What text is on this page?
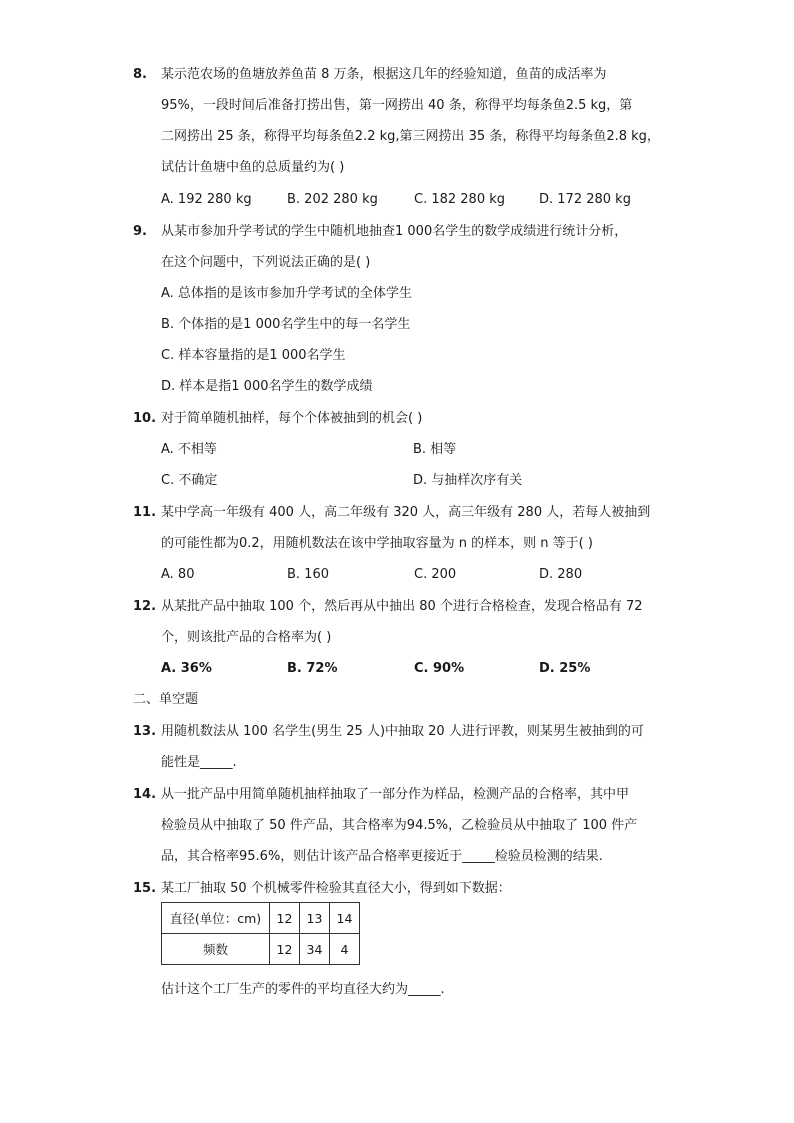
8. 某示范农场的鱼塘放养鱼苗 8 万条，根据这几年的经验知道，鱼苗的成活率为
95%，一段时间后准备打捞出售，第一网捞出 40 条，称得平均每条鱼2.5 kg，第
二网捞出 25 条，称得平均每条鱼2.2 kg,第三网捞出 35 条，称得平均每条鱼2.8 kg，
试估计鱼塘中鱼的总质量约为( )
A. 192 280 kg	B. 202 280 kg	C. 182 280 kg	D. 172 280 kg
9. 从某市参加升学考试的学生中随机地抽查1 000名学生的数学成绩进行统计分析，
在这个问题中，下列说法正确的是( )
A. 总体指的是该市参加升学考试的全体学生
B. 个体指的是1 000名学生中的每一名学生
C. 样本容量指的是1 000名学生
D. 样本是指1 000名学生的数学成绩
10. 对于简单随机抽样，每个个体被抽到的机会( )
A. 不相等	B. 相等
C. 不确定	D. 与抽样次序有关
11. 某中学高一年级有 400 人，高二年级有 320 人，高三年级有 280 人，若每人被抽到
的可能性都为0.2，用随机数法在该中学抽取容量为 n 的样本，则 n 等于( )
A. 80	B. 160	C. 200	D. 280
12. 从某批产品中抽取 100 个，然后再从中抽出 80 个进行合格检查，发现合格品有 72
个，则该批产品的合格率为( )
A. 36%	B. 72%	C. 90%	D. 25%
二、单空题
13. 用随机数法从 100 名学生(男生 25 人)中抽取 20 人进行评教，则某男生被抽到的可
能性是_____.
14. 从一批产品中用简单随机抽样抽取了一部分作为样品，检测产品的合格率，其中甲
检验员从中抽取了 50 件产品，其合格率为94.5%，乙检验员从中抽取了 100 件产
品，其合格率95.6%，则估计该产品合格率更接近于_____检验员检测的结果.
15. 某工厂抽取 50 个机械零件检验其直径大小，得到如下数据：
直径(单位：cm)	12	13	14
频数	12	34	4
估计这个工厂生产的零件的平均直径大约为_____.
